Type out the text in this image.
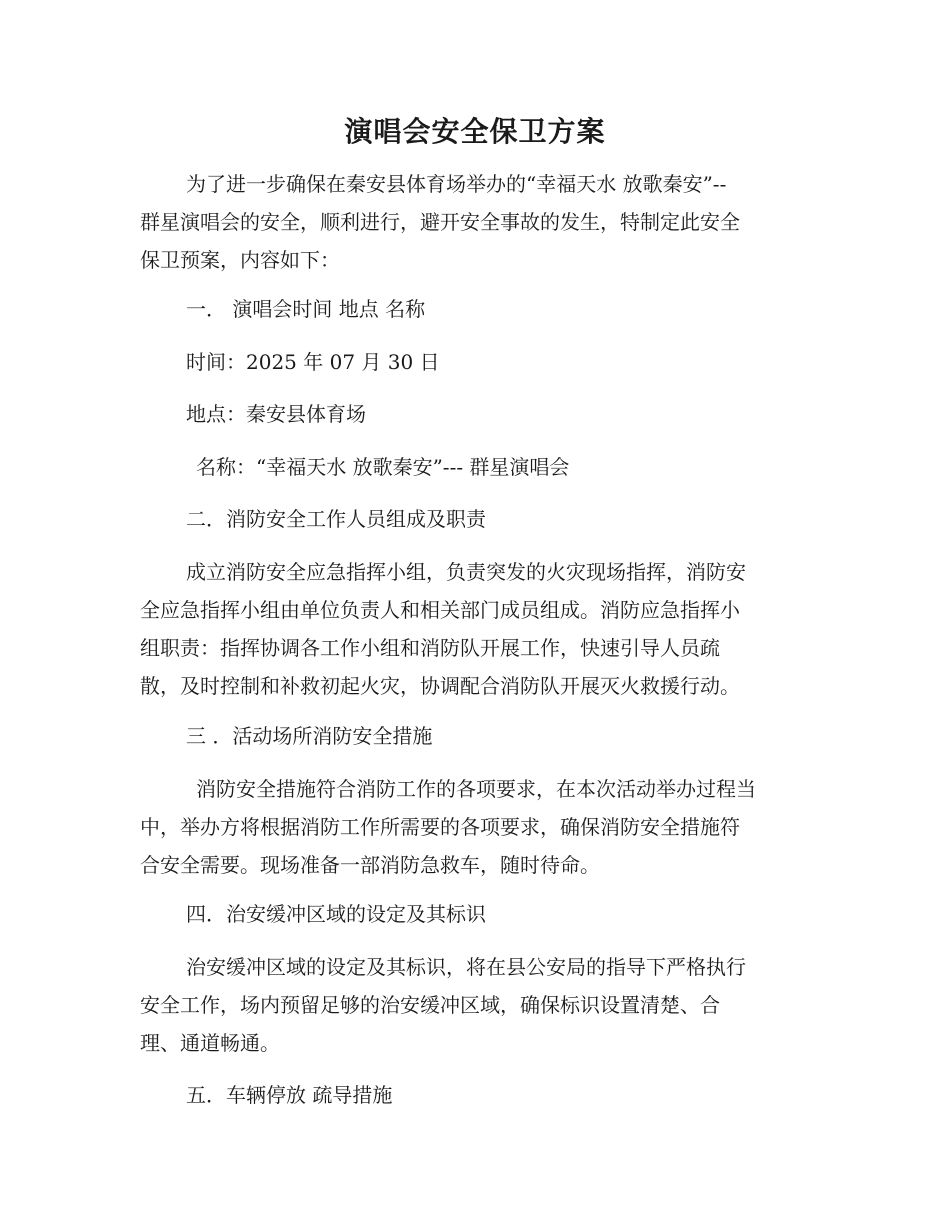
演唱会安全保卫方案
为了进一步确保在秦安县体育场举办的“幸福天水 放歌秦安”--
群星演唱会的安全，顺利进行，避开安全事故的发生，特制定此安全
保卫预案，内容如下：
一． 演唱会时间 地点 名称
时间：2025 年 07 月 30 日
地点：秦安县体育场
名称：“幸福天水 放歌秦安”--- 群星演唱会
二．消防安全工作人员组成及职责
成立消防安全应急指挥小组，负责突发的火灾现场指挥，消防安
全应急指挥小组由单位负责人和相关部门成员组成。消防应急指挥小
组职责：指挥协调各工作小组和消防队开展工作，快速引导人员疏
散，及时控制和补救初起火灾，协调配合消防队开展灭火救援行动。
三 ．活动场所消防安全措施
消防安全措施符合消防工作的各项要求，在本次活动举办过程当
中，举办方将根据消防工作所需要的各项要求，确保消防安全措施符
合安全需要。现场准备一部消防急救车，随时待命。
四．治安缓冲区域的设定及其标识
治安缓冲区域的设定及其标识，将在县公安局的指导下严格执行
安全工作，场内预留足够的治安缓冲区域，确保标识设置清楚、合
理、通道畅通。
五．车辆停放 疏导措施
